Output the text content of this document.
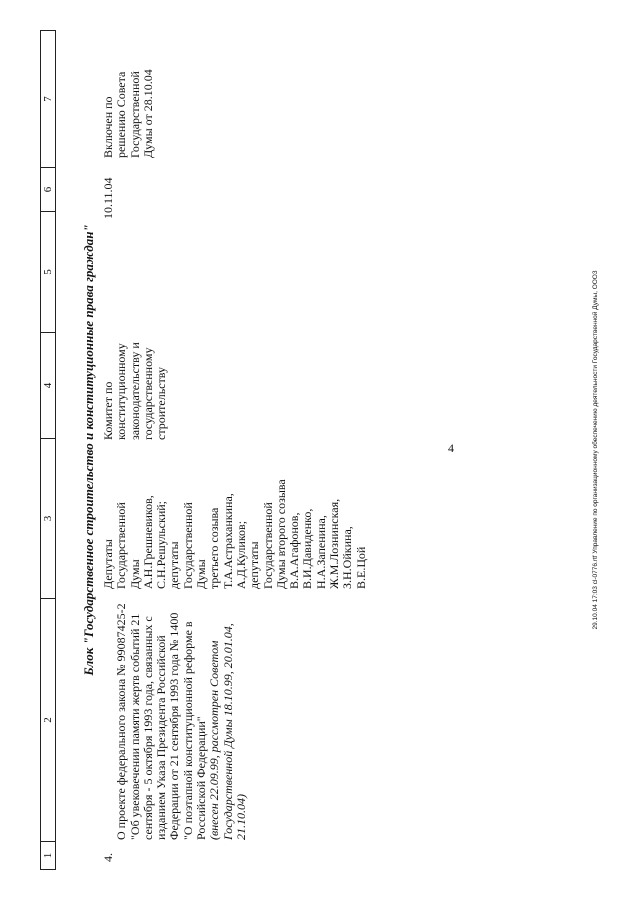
4
1
2
3
4
5
6
7
Блок "Государственное строительство и конституционные права граждан"
4.

О проекте федерального закона № 99087425-2
"Об увековечении памяти жертв событий 21
сентября - 5 октября 1993 года, связанных с
изданием Указа Президента Российской
Федерации от 21 сентября 1993 года № 1400
"О поэтапной конституционной реформе в
Российской Федерации"

(внесен 22.09.99, рассмотрен Советом
Государственной Думы 18.10.99, 20.01.04,
21.10.04)

Депутаты
Государственной
Думы
А.Н.Грешневиков,
С.Н.Решульский;
депутаты
Государственной
Думы
третьего созыва
Т.А.Астраханкина,
А.Д.Куликов;
депутаты
Государственной
Думы второго созыва
В.А.Агафонов,
В.И.Давиденко,
Н.А.Запенина,
Ж.М.Лознинская,
З.Н.Ойкина,
В.Е.Цой
Комитет по
конституционному
законодательству и
государственному
строительству
10.11.04
Включен по
решению Совета
Государственной
Думы от 28.10.04
29.10.04 17:03 cl-0776.rtf Управление по организационному обеспечению деятельности Государственной Думы, ООО3
